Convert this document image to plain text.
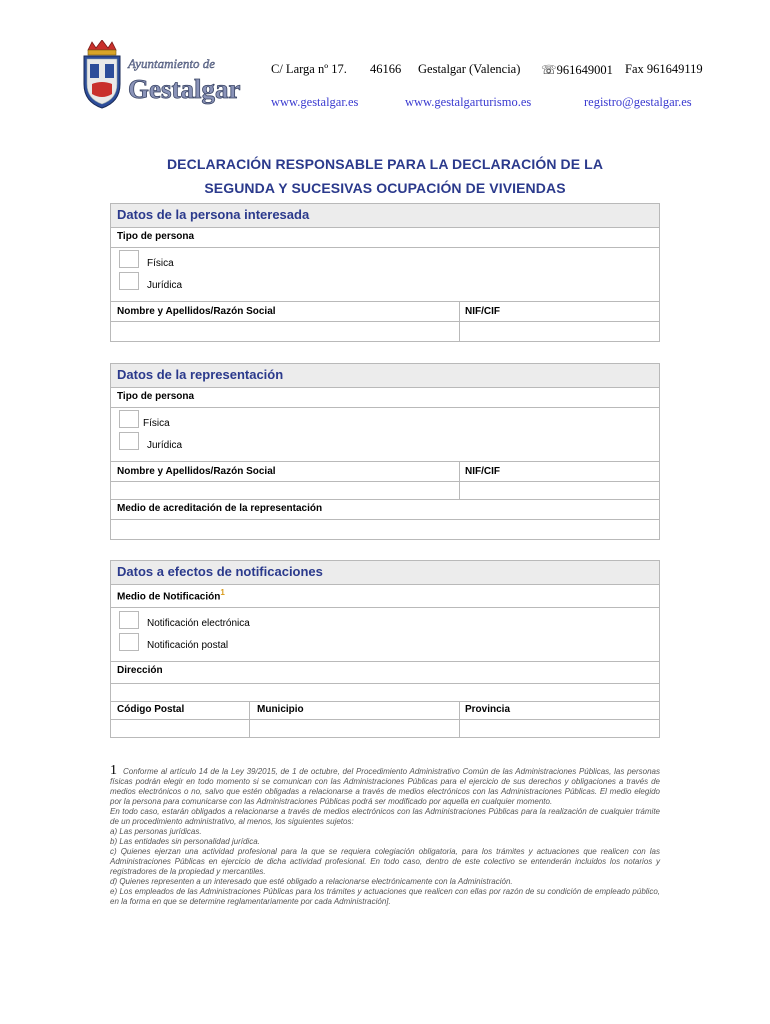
Ayuntamiento de
Gestalgar
C/ Larga nº 17. 46166 Gestalgar (Valencia) ☏961649001 Fax 961649119
www.gestalgar.es	www.gestalgarturismo.es	registro@gestalgar.es
DECLARACIÓN RESPONSABLE PARA LA DECLARACIÓN DE LA
SEGUNDA Y SUCESIVAS OCUPACIÓN DE VIVIENDAS
Datos de la persona interesada
Tipo de persona
Física
Jurídica
Nombre y Apellidos/Razón Social	NIF/CIF
Datos de la representación
Tipo de persona
Física
Jurídica
Nombre y Apellidos/Razón Social	NIF/CIF
Medio de acreditación de la representación
Datos a efectos de notificaciones
Medio de Notificación$^1$
Notificación electrónica
Notificación postal
Dirección
Código Postal	Municipio	Provincia
1 Conforme al artículo 14 de la Ley 39/2015, de 1 de octubre, del Procedimiento Administrativo Común de las Administraciones Públicas, las personas físicas podrán elegir en todo momento si se comunican con las Administraciones Públicas para el ejercicio de sus derechos y obligaciones a través de medios electrónicos o no, salvo que estén obligadas a relacionarse a través de medios electrónicos con las Administraciones Públicas. El medio elegido por la persona para comunicarse con las Administraciones Públicas podrá ser modificado por aquella en cualquier momento.
En todo caso, estarán obligados a relacionarse a través de medios electrónicos con las Administraciones Públicas para la realización de cualquier trámite de un procedimiento administrativo, al menos, los siguientes sujetos:
a) Las personas jurídicas.
b) Las entidades sin personalidad jurídica.
c) Quienes ejerzan una actividad profesional para la que se requiera colegiación obligatoria, para los trámites y actuaciones que realicen con las Administraciones Públicas en ejercicio de dicha actividad profesional. En todo caso, dentro de este colectivo se entenderán incluidos los notarios y registradores de la propiedad y mercantiles.
d) Quienes representen a un interesado que esté obligado a relacionarse electrónicamente con la Administración.
e) Los empleados de las Administraciones Públicas para los trámites y actuaciones que realicen con ellas por razón de su condición de empleado público, en la forma en que se determine reglamentariamente por cada Administración].
